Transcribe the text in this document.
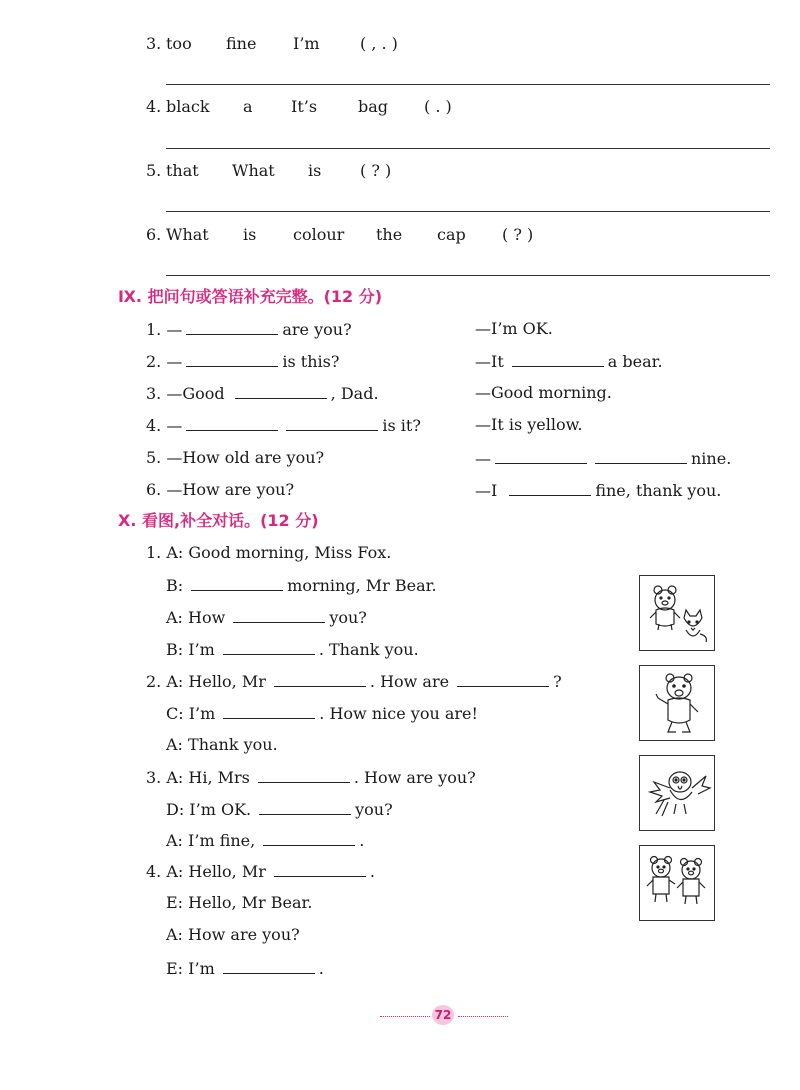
3. too fine I’m	( , . )
4. black a It’s	bag ( . )
5. that What is ( ? )
6. What is colour the cap ( ? )
Ⅸ. 把问句或答语补充完整。(12 分)
1. —	are you?	—I’m OK.
2. —	is this?	—It	a bear.
3. —Good	, Dad.	—Good morning.
4. —	is it?	—It is yellow.
5. —How old are you?	—	nine.
6. —How are you?	—I	fine, thank you.
Ⅹ. 看图,补全对话。(12 分)
1. A: Good morning, Miss Fox.
B:	morning, Mr Bear.
A: How	you?
B: I’m	. Thank you.
2. A: Hello, Mr	. How are	?
C: I’m	. How nice you are!
A: Thank you.
3. A: Hi, Mrs	. How are you?
D: I’m OK.	you?
A: I’m fine,	.
4. A: Hello, Mr	.
E: Hello, Mr Bear.
A: How are you?
E: I’m	.
72
